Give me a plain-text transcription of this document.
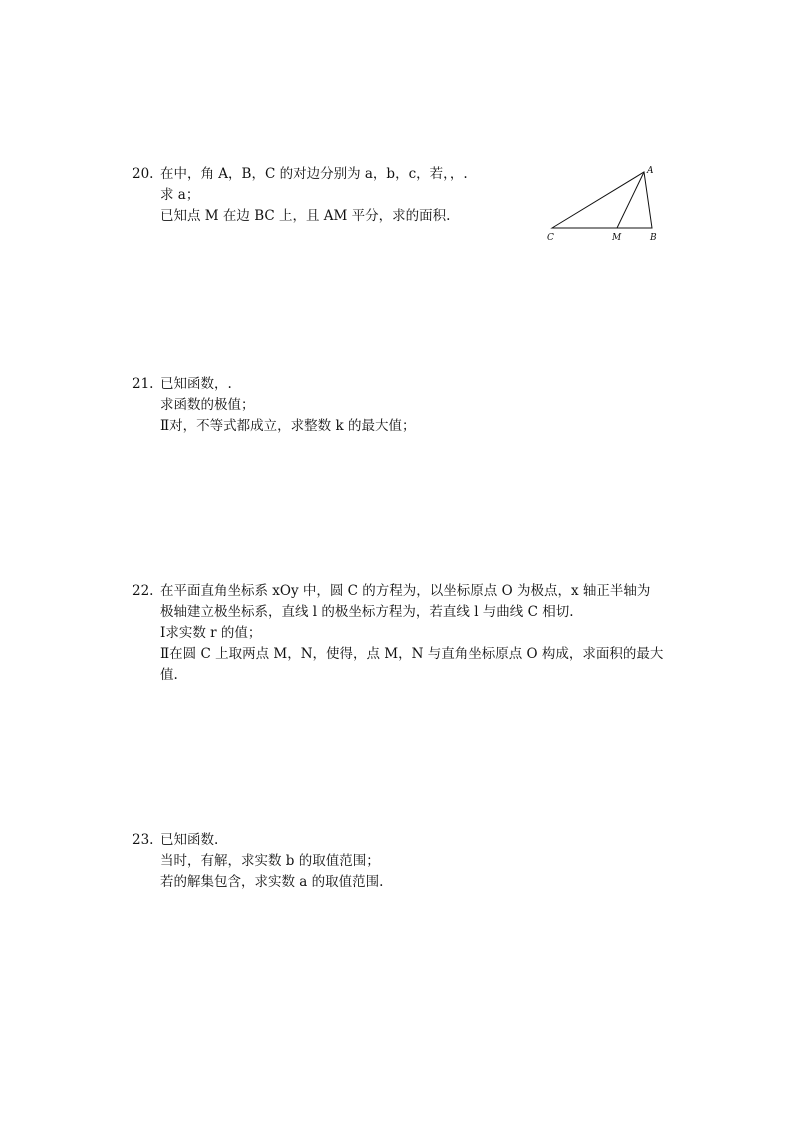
20. 在中，角 A，B，C 的对边分别为 a，b，c，若，，.
求 a；
已知点 M 在边 BC 上，且 AM 平分，求的面积.
A
C	M	B
21. 已知函数，.
求函数的极值；
Ⅱ对，不等式都成立，求整数 k 的最大值；
22. 在平面直角坐标系 xOy 中，圆 C 的方程为，以坐标原点 O 为极点，x 轴正半轴为
极轴建立极坐标系，直线 l 的极坐标方程为，若直线 l 与曲线 C 相切.
Ⅰ求实数 r 的值；
Ⅱ在圆 C 上取两点 M，N，使得，点 M，N 与直角坐标原点 O 构成，求面积的最大
值.
23. 已知函数.
当时，有解，求实数 b 的取值范围；
若的解集包含，求实数 a 的取值范围.
